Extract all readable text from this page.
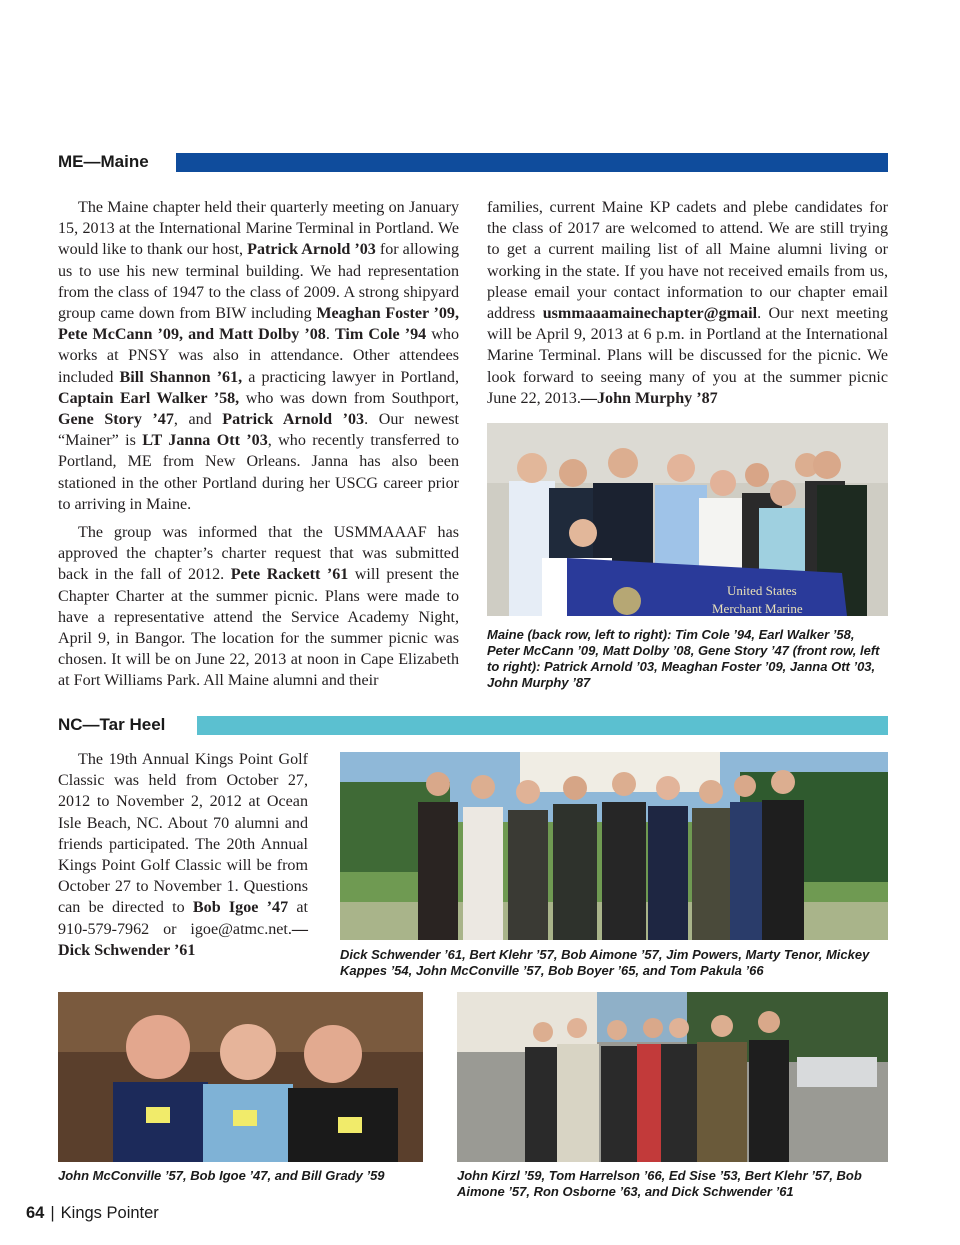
ME—Maine

The Maine chapter held their quarterly meeting on January 15, 2013 at the International Marine Terminal in Portland. We would like to thank our host, Patrick Arnold ’03 for allowing us to use his new terminal building. We had representation from the class of 1947 to the class of 2009. A strong shipyard group came down from BIW including Meaghan Foster ’09, Pete McCann ’09, and Matt Dolby ’08. Tim Cole ’94 who works at PNSY was also in attendance. Other attendees included Bill Shannon ’61, a practicing lawyer in Portland, Captain Earl Walker ’58, who was down from Southport, Gene Story ’47, and Patrick Arnold ’03. Our newest “Mainer” is LT Janna Ott ’03, who recently transferred to Portland, ME from New Orleans. Janna has also been stationed in the other Portland during her USCG career prior to arriving in Maine.

The group was informed that the USMMAAAF has approved the chapter’s charter request that was submitted back in the fall of 2012. Pete Rackett ’61 will present the Chapter Charter at the summer picnic. Plans were made to have a representative attend the Service Academy Night, April 9, in Bangor. The location for the summer picnic was chosen. It will be on June 22, 2013 at noon in Cape Elizabeth at Fort Williams Park. All Maine alumni and their

families, current Maine KP cadets and plebe candidates for the class of 2017 are welcomed to attend. We are still trying to get a current mailing list of all Maine alumni living or working in the state. If you have not received emails from us, please email your contact information to our chapter email address usmmaaamainechapter@gmail. Our next meeting will be April 9, 2013 at 6 p.m. in Portland at the International Marine Terminal. Plans will be discussed for the picnic. We look forward to seeing many of you at the summer picnic June 22, 2013.—John Murphy ’87

United States
Merchant Marine
Maine (back row, left to right): Tim Cole ’94, Earl Walker ’58, Peter McCann ’09, Matt Dolby ’08, Gene Story ’47 (front row, left to right): Patrick Arnold ’03, Meaghan Foster ’09, Janna Ott ’03, John Murphy ’87
NC—Tar Heel

The 19th Annual Kings Point Golf Classic was held from October 27, 2012 to November 2, 2012 at Ocean Isle Beach, NC. About 70 alumni and friends participated. The 20th Annual Kings Point Golf Classic will be from October 27 to November 1. Questions can be directed to Bob Igoe ’47 at 910-579-7962 or igoe@atmc.net.—Dick Schwender ’61	Dick Schwender ’61, Bert Klehr ’57, Bob Aimone ’57, Jim Powers, Marty Tenor, Mickey Kappes ’54, John McConville ’57, Bob Boyer ’65, and Tom Pakula ’66
John McConville ’57, Bob Igoe ’47, and Bill Grady ’59	John Kirzl ’59, Tom Harrelson ’66, Ed Sise ’53, Bert Klehr ’57, Bob Aimone ’57, Ron Osborne ’63, and Dick Schwender ’61
64 | Kings Pointer
